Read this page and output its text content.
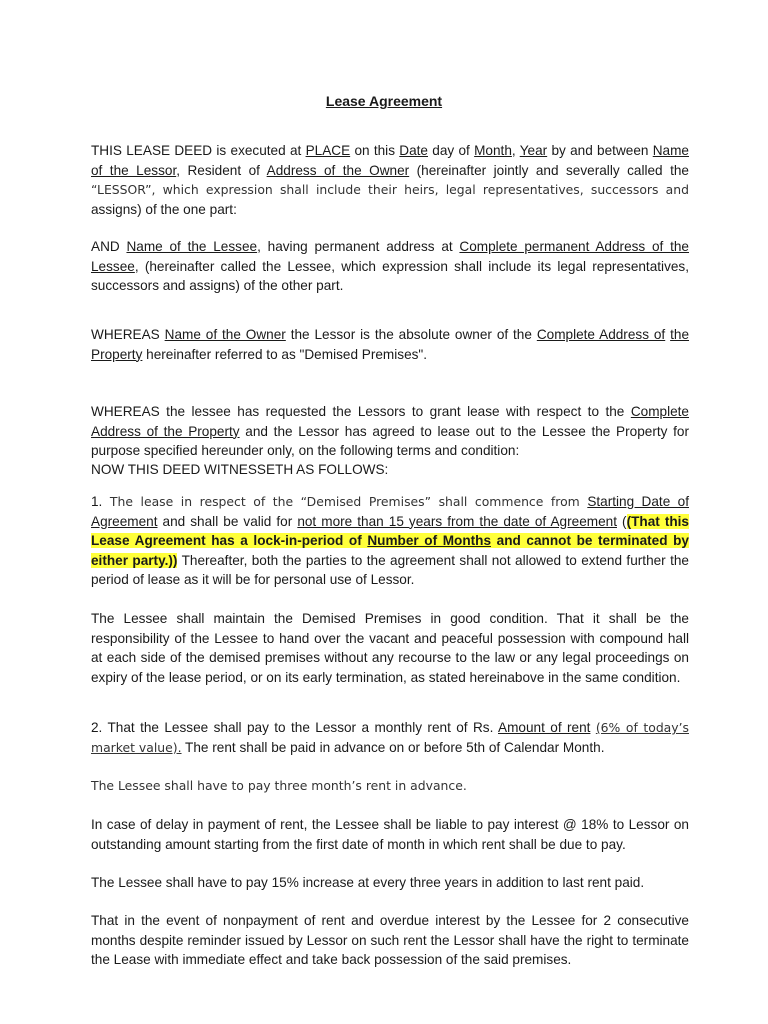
Lease Agreement

THIS LEASE DEED is executed at PLACE on this Date day of Month, Year by and between Name of the Lessor, Resident of Address of the Owner (hereinafter jointly and severally called the “LESSOR”, which expression shall include their heirs, legal representatives, successors and assigns) of the one part:

AND Name of the Lessee, having permanent address at Complete permanent Address of the Lessee, (hereinafter called the Lessee, which expression shall include its legal representatives, successors and assigns) of the other part.

WHEREAS Name of the Owner the Lessor is the absolute owner of the Complete Address of the Property hereinafter referred to as "Demised Premises".

WHEREAS the lessee has requested the Lessors to grant lease with respect to the Complete Address of the Property and the Lessor has agreed to lease out to the Lessee the Property for purpose specified hereunder only, on the following terms and condition:

NOW THIS DEED WITNESSETH AS FOLLOWS:

1. The lease in respect of the “Demised Premises” shall commence from Starting Date of Agreement and shall be valid for not more than 15 years from the date of Agreement ((That this Lease Agreement has a lock-in-period of Number of Months and cannot be terminated by either party.)) Thereafter, both the parties to the agreement shall not allowed to extend further the period of lease as it will be for personal use of Lessor.

The Lessee shall maintain the Demised Premises in good condition. That it shall be the responsibility of the Lessee to hand over the vacant and peaceful possession with compound hall at each side of the demised premises without any recourse to the law or any legal proceedings on expiry of the lease period, or on its early termination, as stated hereinabove in the same condition.

2. That the Lessee shall pay to the Lessor a monthly rent of Rs. Amount of rent (6% of today’s market value). The rent shall be paid in advance on or before 5th of Calendar Month.

The Lessee shall have to pay three month’s rent in advance.

In case of delay in payment of rent, the Lessee shall be liable to pay interest @ 18% to Lessor on outstanding amount starting from the first date of month in which rent shall be due to pay.

The Lessee shall have to pay 15% increase at every three years in addition to last rent paid.

That in the event of nonpayment of rent and overdue interest by the Lessee for 2 consecutive months despite reminder issued by Lessor on such rent the Lessor shall have the right to terminate the Lease with immediate effect and take back possession of the said premises.
